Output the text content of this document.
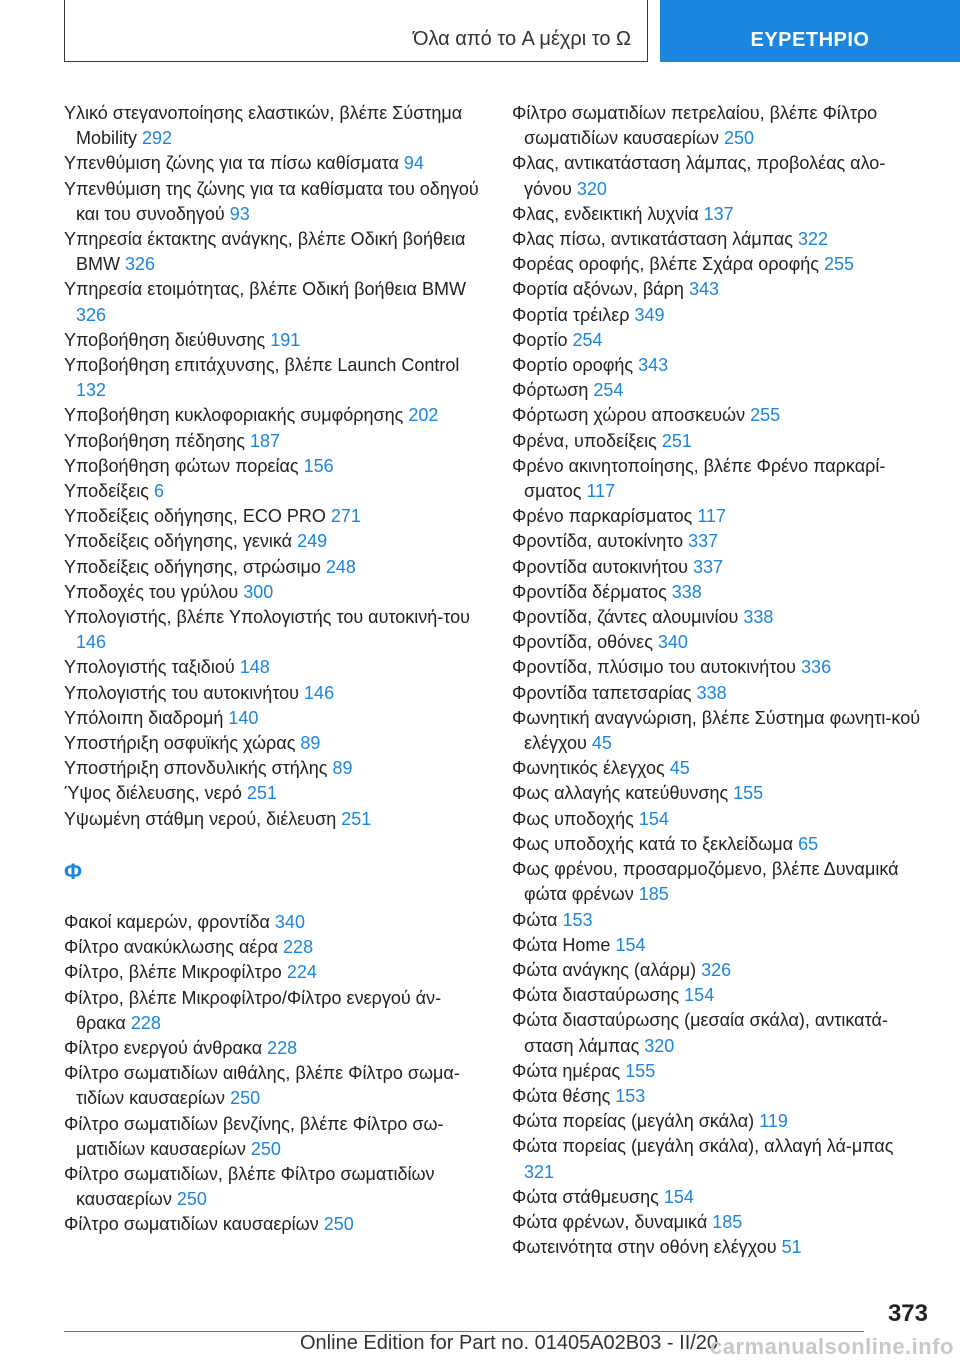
Όλα από το A μέχρι το Ω	ΕΥΡΕΤΗΡΙΟ

Υλικό στεγανοποίησης ελαστικών, βλέπε Σύστημα Mobility 292

Υπενθύμιση ζώνης για τα πίσω καθίσματα 94

Υπενθύμιση της ζώνης για τα καθίσματα του οδηγού και του συνοδηγού 93

Υπηρεσία έκτακτης ανάγκης, βλέπε Οδική βοήθεια BMW 326

Υπηρεσία ετοιμότητας, βλέπε Οδική βοήθεια BMW 326

Υποβοήθηση διεύθυνσης 191

Υποβοήθηση επιτάχυνσης, βλέπε Launch Control 132

Υποβοήθηση κυκλοφοριακής συμφόρησης 202

Υποβοήθηση πέδησης 187

Υποβοήθηση φώτων πορείας 156

Υποδείξεις 6

Υποδείξεις οδήγησης, ECO PRO 271

Υποδείξεις οδήγησης, γενικά 249

Υποδείξεις οδήγησης, στρώσιμο 248

Υποδοχές του γρύλου 300

Υπολογιστής, βλέπε Υπολογιστής του αυτοκινή-του 146

Υπολογιστής ταξιδιού 148

Υπολογιστής του αυτοκινήτου 146

Υπόλοιπη διαδρομή 140

Υποστήριξη οσφυϊκής χώρας 89

Υποστήριξη σπονδυλικής στήλης 89

Ύψος διέλευσης, νερό 251

Υψωμένη στάθμη νερού, διέλευση 251

Φ

Φακοί καμερών, φροντίδα 340

Φίλτρο ανακύκλωσης αέρα 228

Φίλτρο, βλέπε Μικροφίλτρο 224

Φίλτρο, βλέπε Μικροφίλτρο/Φίλτρο ενεργού άν-θρακα 228

Φίλτρο ενεργού άνθρακα 228

Φίλτρο σωματιδίων αιθάλης, βλέπε Φίλτρο σωμα-τιδίων καυσαερίων 250

Φίλτρο σωματιδίων βενζίνης, βλέπε Φίλτρο σω-ματιδίων καυσαερίων 250

Φίλτρο σωματιδίων, βλέπε Φίλτρο σωματιδίων καυσαερίων 250

Φίλτρο σωματιδίων καυσαερίων 250

Φίλτρο σωματιδίων πετρελαίου, βλέπε Φίλτρο σωματιδίων καυσαερίων 250

Φλας, αντικατάσταση λάμπας, προβολέας αλο-γόνου 320

Φλας, ενδεικτική λυχνία 137

Φλας πίσω, αντικατάσταση λάμπας 322

Φορέας οροφής, βλέπε Σχάρα οροφής 255

Φορτία αξόνων, βάρη 343

Φορτία τρέιλερ 349

Φορτίο 254

Φορτίο οροφής 343

Φόρτωση 254

Φόρτωση χώρου αποσκευών 255

Φρένα, υποδείξεις 251

Φρένο ακινητοποίησης, βλέπε Φρένο παρκαρί-σματος 117

Φρένο παρκαρίσματος 117

Φροντίδα, αυτοκίνητο 337

Φροντίδα αυτοκινήτου 337

Φροντίδα δέρματος 338

Φροντίδα, ζάντες αλουμινίου 338

Φροντίδα, οθόνες 340

Φροντίδα, πλύσιμο του αυτοκινήτου 336

Φροντίδα ταπετσαρίας 338

Φωνητική αναγνώριση, βλέπε Σύστημα φωνητι-κού ελέγχου 45

Φωνητικός έλεγχος 45

Φως αλλαγής κατεύθυνσης 155

Φως υποδοχής 154

Φως υποδοχής κατά το ξεκλείδωμα 65

Φως φρένου, προσαρμοζόμενο, βλέπε Δυναμικά φώτα φρένων 185

Φώτα 153

Φώτα Home 154

Φώτα ανάγκης (αλάρμ) 326

Φώτα διασταύρωσης 154

Φώτα διασταύρωσης (μεσαία σκάλα), αντικατά-σταση λάμπας 320

Φώτα ημέρας 155

Φώτα θέσης 153

Φώτα πορείας (μεγάλη σκάλα) 119

Φώτα πορείας (μεγάλη σκάλα), αλλαγή λά-μπας 321

Φώτα στάθμευσης 154

Φώτα φρένων, δυναμικά 185

Φωτεινότητα στην οθόνη ελέγχου 51

373
Online Edition for Part no. 01405A02B03 - II/20
carmanualsonline.info
